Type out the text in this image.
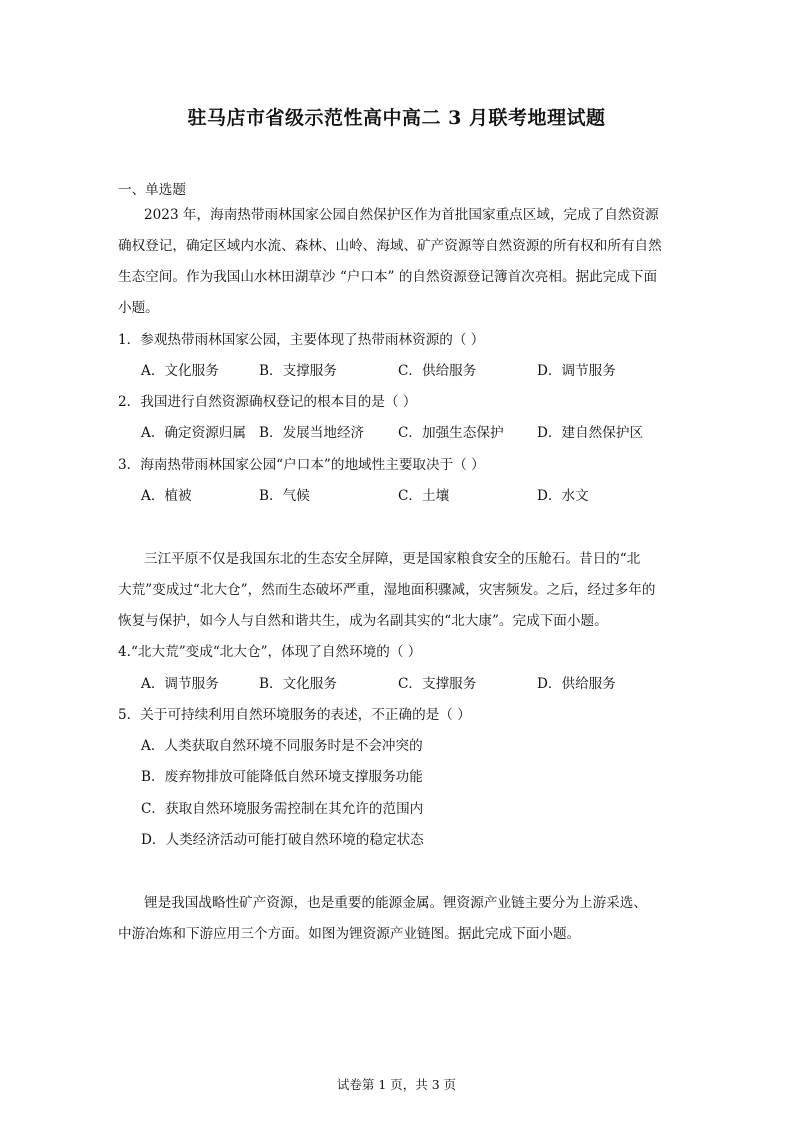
驻马店市省级示范性高中高二 3 月联考地理试题
一、单选题
2023 年，海南热带雨林国家公园自然保护区作为首批国家重点区域，完成了自然资源
确权登记，确定区域内水流、森林、山岭、海域、矿产资源等自然资源的所有权和所有自然
生态空间。作为我国山水林田湖草沙 “户口本” 的自然资源登记簿首次亮相。据此完成下面
小题。
1．参观热带雨林国家公园，主要体现了热带雨林资源的（ ）
A．文化服务	B．支撑服务	C．供给服务	D．调节服务
2．我国进行自然资源确权登记的根本目的是（ ）
A．确定资源归属 B．发展当地经济 C．加强生态保护 D．建自然保护区
3．海南热带雨林国家公园“户口本”的地域性主要取决于（ ）
A．植被	B．气候	C．土壤	D．水文
三江平原不仅是我国东北的生态安全屏障，更是国家粮食安全的压舱石。昔日的“北
大荒”变成过“北大仓”，然而生态破坏严重，湿地面积骤减，灾害频发。之后，经过多年的
恢复与保护，如今人与自然和谐共生，成为名副其实的“北大康”。完成下面小题。
4.“北大荒”变成“北大仓”，体现了自然环境的（ ）
A．调节服务	B．文化服务	C．支撑服务	D．供给服务
5．关于可持续利用自然环境服务的表述，不正确的是（ ）
A．人类获取自然环境不同服务时是不会冲突的
B．废弃物排放可能降低自然环境支撑服务功能
C．获取自然环境服务需控制在其允许的范围内
D．人类经济活动可能打破自然环境的稳定状态
锂是我国战略性矿产资源，也是重要的能源金属。锂资源产业链主要分为上游采选、
中游冶炼和下游应用三个方面。如图为锂资源产业链图。据此完成下面小题。
试卷第 1 页，共 3 页
